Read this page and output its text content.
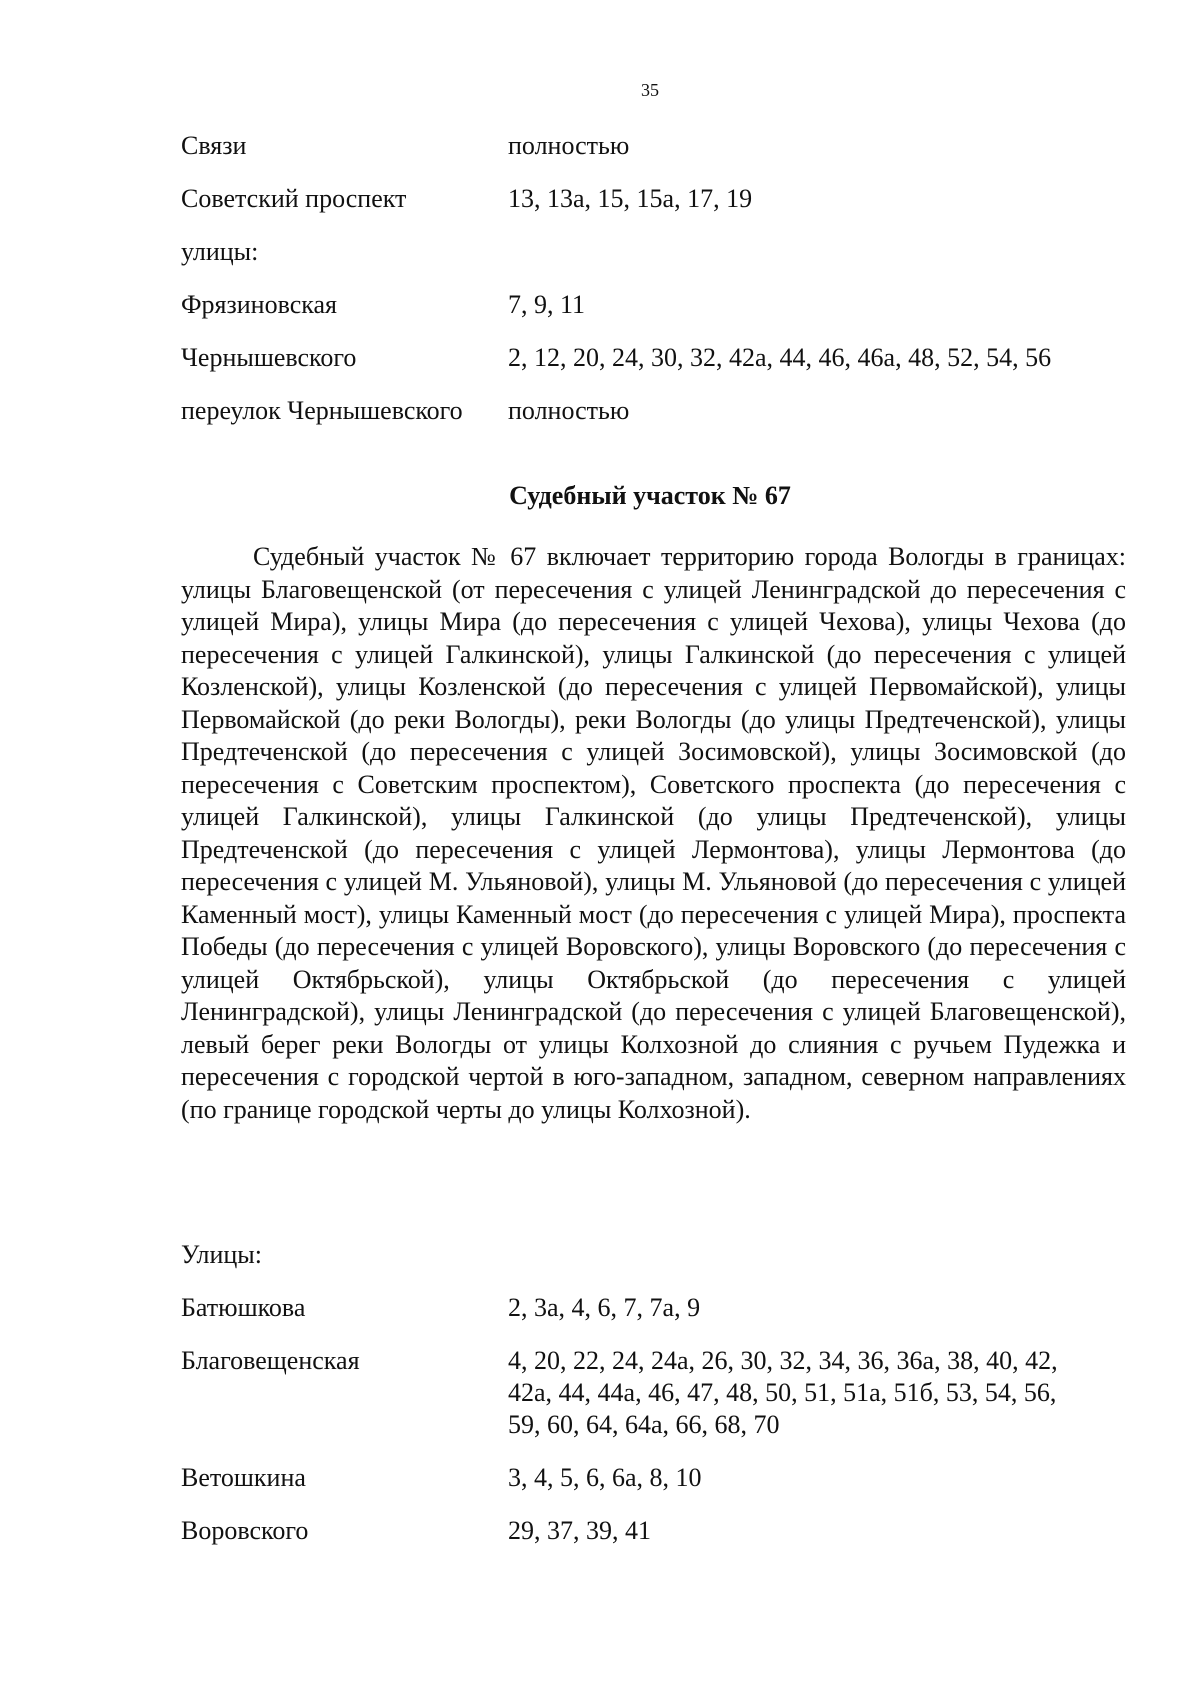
35
Связи	полностью
Советский проспект	13, 13а, 15, 15а, 17, 19
улицы:
Фрязиновская	7, 9, 11
Чернышевского	2, 12, 20, 24, 30, 32, 42а, 44, 46, 46а, 48, 52, 54, 56
переулок Чернышевского	полностью
Судебный участок № 67

Судебный участок № 67 включает территорию города Вологды в границах: улицы Благовещенской (от пересечения с улицей Ленинградской до пересечения с улицей Мира), улицы Мира (до пересечения с улицей Чехова), улицы Чехова (до пересечения с улицей Галкинской), улицы Галкинской (до пересечения с улицей Козленской), улицы Козленской (до пересечения с улицей Первомайской), улицы Первомайской (до реки Вологды), реки Вологды (до улицы Предтеченской), улицы Предтеченской (до пересечения с улицей Зосимовской), улицы Зосимовской (до пересечения с Советским проспектом), Советского проспекта (до пересечения с улицей Галкинской), улицы Галкинской (до улицы Предтеченской), улицы Предтеченской (до пересечения с улицей Лермонтова), улицы Лермонтова (до пересечения с улицей М. Ульяновой), улицы М. Ульяновой (до пересечения с улицей Каменный мост), улицы Каменный мост (до пересечения с улицей Мира), проспекта Победы (до пересечения с улицей Воровского), улицы Воровского (до пересечения с улицей Октябрьской), улицы Октябрьской (до пересечения с улицей Ленинградской), улицы Ленинградской (до пересечения с улицей Благовещенской), левый берег реки Вологды от улицы Колхозной до слияния с ручьем Пудежка и пересечения с городской чертой в юго-западном, западном, северном направлениях (по границе городской черты до улицы Колхозной).

Улицы:
Батюшкова	2, 3а, 4, 6, 7, 7а, 9
Благовещенская	4, 20, 22, 24, 24а, 26, 30, 32, 34, 36, 36а, 38, 40, 42,
42а, 44, 44а, 46, 47, 48, 50, 51, 51а, 51б, 53, 54, 56,
59, 60, 64, 64а, 66, 68, 70
Ветошкина	3, 4, 5, 6, 6а, 8, 10
Воровского	29, 37, 39, 41
